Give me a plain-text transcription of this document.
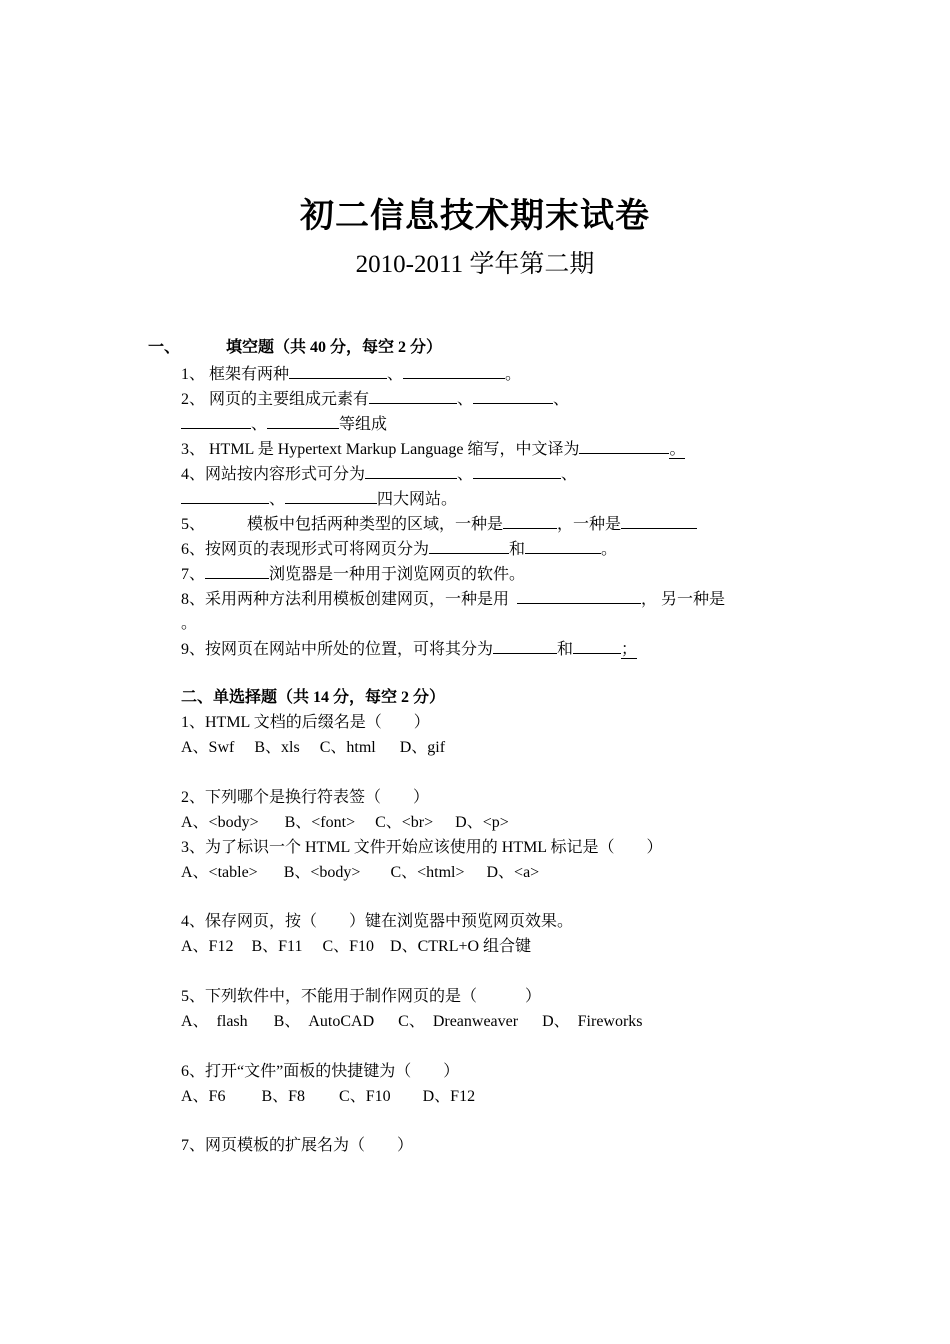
初二信息技术期末试卷
2010-2011 学年第二期
一、	填空题（共 40 分，每空 2 分）
1、 框架有两种	、	。
2、 网页的主要组成元素有	、	、
、	等组成
3、 HTML 是 Hypertext Markup Language 缩写，中文译为	。
4、网站按内容形式可分为	、	、
、	四大网站。
5、	模板中包括两种类型的区域，一种是	，一种是
6、按网页的表现形式可将网页分为	和	。
7、	浏览器是一种用于浏览网页的软件。
8、采用两种方法利用模板创建网页，一种是用	， 另一种是
。
9、按网页在网站中所处的位置，可将其分为	和	；
二、单选择题（共 14 分，每空 2 分）
1、HTML 文档的后缀名是（　　）
A、Swf B、xls C、html D、gif
2、下列哪个是换行符表签（　　）
A、<body> B、<font> C、<br> D、<p>
3、为了标识一个 HTML 文件开始应该使用的 HTML 标记是（　　）
A、<table> B、<body> C、<html> D、<a>
4、保存网页，按（　　）键在浏览器中预览网页效果。
A、F12 B、F11 C、F10 D、CTRL+O 组合键
5、下列软件中，不能用于制作网页的是（　　　）
A、　flash B、　AutoCAD C、　Dreanweaver D、　Fireworks
6、打开“文件”面板的快捷键为（　　）
A、F6 B、F8 C、F10 D、F12
7、网页模板的扩展名为（　　）
